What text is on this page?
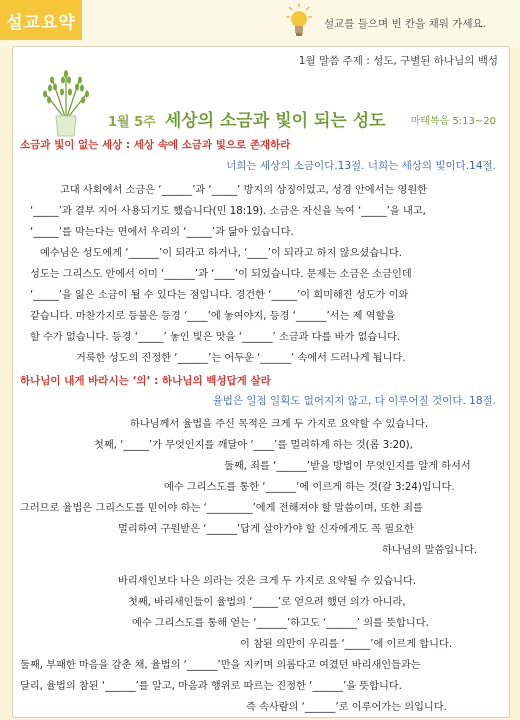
설교요약	설교를 들으며 빈 칸을 채워 가세요.
1월 말씀 주제 : 성도, 구별된 하나님의 백성
1월 5주 세상의 소금과 빛이 되는 성도	마태복음 5:13~20
소금과 빛이 없는 세상 : 세상 속에 소금과 빛으로 존재하라
너희는 세상의 소금이다.13절. 너희는 세상의 빛이다.14절.
고대 사회에서 소금은 ‘______’과 ‘_____’ 방지의 상징이었고, 성경 안에서는 영원한
‘_____’과 결부 지어 사용되기도 했습니다(민 18:19). 소금은 자신을 녹여 ‘_____’을 내고,
‘_____’를 막는다는 면에서 우리의 ‘_____’과 닮아 있습니다.
예수님은 성도에게 ‘______’이 되라고 하거나, ‘____’이 되라고 하지 않으셨습니다.
성도는 그리스도 안에서 이미 ‘______’과 ‘____’이 되었습니다. 문제는 소금은 소금인데
‘_____’을 잃은 소금이 될 수 있다는 점입니다. 경건한 ‘_____’이 희미해진 성도가 이와
같습니다. 마찬가지로 등불은 등경 ‘____’에 놓여야지, 등경 ‘______’서는 제 역할을
할 수가 없습니다. 등경 ‘_____’ 놓인 빛은 맛을 ‘______’ 소금과 다를 바가 없습니다.
거룩한 성도의 진정한 ‘______’는 어두운 ‘______’ 속에서 드러나게 됩니다.
하나님이 내게 바라시는 ‘의’ : 하나님의 백성답게 살라
율법은 일점 일획도 없어지지 않고, 다 이루어질 것이다. 18절.
하나님께서 율법을 주신 목적은 크게 두 가지로 요약할 수 있습니다.
첫째, ‘_____’가 무엇인지를 깨달아 ‘____’를 멀리하게 하는 것(롬 3:20),
둘째, 죄를 ‘______’받을 방법이 무엇인지를 알게 하셔서
예수 그리스도를 통한 ‘______’에 이르게 하는 것(갈 3:24)입니다.
그러므로 율법은 그리스도를 믿어야 하는 ‘_________’에게 전해져야 할 말씀이며, 또한 죄를
멀리하여 구원받은 ‘______’답게 살아가야 할 신자에게도 꼭 필요한
하나님의 말씀입니다.
바리새인보다 나은 의라는 것은 크게 두 가지로 요약될 수 있습니다.
첫째, 바리새인들이 율법의 ‘_____’로 얻으려 했던 의가 아니라,
예수 그리스도를 통해 얻는 ‘______’하고도 ‘______’ 의를 뜻합니다.
이 참된 의만이 우리를 ‘_____’에 이르게 합니다.
둘째, 부패한 마음을 감춘 채, 율법의 ‘______’만을 지키며 의롭다고 여겼던 바리새인들과는
달리, 율법의 참된 ‘______’를 알고, 마음과 행위로 따르는 진정한 ‘______’을 뜻합니다.
즉 속사람의 ‘______’로 이루어가는 의입니다.
